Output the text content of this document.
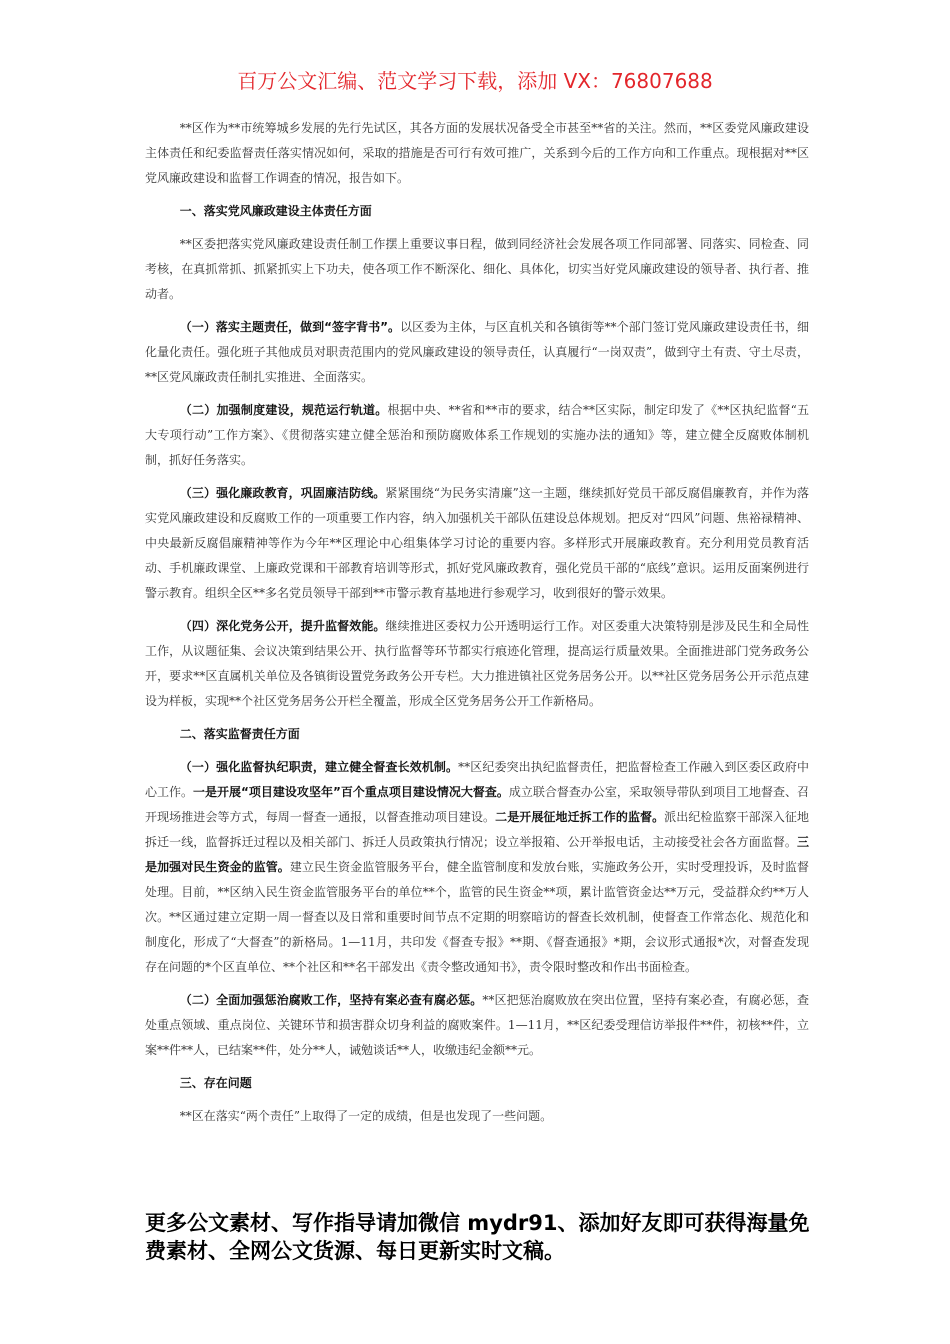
百万公文汇编、范文学习下载，添加 VX：76807688

**区作为**市统筹城乡发展的先行先试区，其各方面的发展状况备受全市甚至**省的关注。然而，**区委党风廉政建设主体责任和纪委监督责任落实情况如何，采取的措施是否可行有效可推广，关系到今后的工作方向和工作重点。现根据对**区党风廉政建设和监督工作调查的情况，报告如下。

一、落实党风廉政建设主体责任方面

**区委把落实党风廉政建设责任制工作摆上重要议事日程，做到同经济社会发展各项工作同部署、同落实、同检查、同考核，在真抓常抓、抓紧抓实上下功夫，使各项工作不断深化、细化、具体化，切实当好党风廉政建设的领导者、执行者、推动者。

（一）落实主题责任，做到“签字背书”。以区委为主体，与区直机关和各镇街等**个部门签订党风廉政建设责任书，细化量化责任。强化班子其他成员对职责范围内的党风廉政建设的领导责任，认真履行“一岗双责”，做到守土有责、守土尽责，**区党风廉政责任制扎实推进、全面落实。

（二）加强制度建设，规范运行轨道。根据中央、**省和**市的要求，结合**区实际，制定印发了《**区执纪监督“五大专项行动”工作方案》、《贯彻落实建立健全惩治和预防腐败体系工作规划的实施办法的通知》等，建立健全反腐败体制机制，抓好任务落实。

（三）强化廉政教育，巩固廉洁防线。紧紧围绕“为民务实清廉”这一主题，继续抓好党员干部反腐倡廉教育，并作为落实党风廉政建设和反腐败工作的一项重要工作内容，纳入加强机关干部队伍建设总体规划。把反对“四风”问题、焦裕禄精神、中央最新反腐倡廉精神等作为今年**区理论中心组集体学习讨论的重要内容。多样形式开展廉政教育。充分利用党员教育活动、手机廉政课堂、上廉政党课和干部教育培训等形式，抓好党风廉政教育，强化党员干部的“底线”意识。运用反面案例进行警示教育。组织全区**多名党员领导干部到**市警示教育基地进行参观学习，收到很好的警示效果。

（四）深化党务公开，提升监督效能。继续推进区委权力公开透明运行工作。对区委重大决策特别是涉及民生和全局性工作，从议题征集、会议决策到结果公开、执行监督等环节都实行痕迹化管理，提高运行质量效果。全面推进部门党务政务公开，要求**区直属机关单位及各镇街设置党务政务公开专栏。大力推进镇社区党务居务公开。以**社区党务居务公开示范点建设为样板，实现**个社区党务居务公开栏全覆盖，形成全区党务居务公开工作新格局。

二、落实监督责任方面

（一）强化监督执纪职责，建立健全督查长效机制。**区纪委突出执纪监督责任，把监督检查工作融入到区委区政府中心工作。一是开展“项目建设攻坚年”百个重点项目建设情况大督查。成立联合督查办公室，采取领导带队到项目工地督查、召开现场推进会等方式，每周一督查一通报，以督查推动项目建设。二是开展征地迁拆工作的监督。派出纪检监察干部深入征地拆迁一线，监督拆迁过程以及相关部门、拆迁人员政策执行情况；设立举报箱、公开举报电话，主动接受社会各方面监督。三是加强对民生资金的监管。建立民生资金监管服务平台，健全监管制度和发放台账，实施政务公开，实时受理投诉，及时监督处理。目前，**区纳入民生资金监管服务平台的单位**个，监管的民生资金**项，累计监管资金达**万元，受益群众约**万人次。**区通过建立定期一周一督查以及日常和重要时间节点不定期的明察暗访的督查长效机制，使督查工作常态化、规范化和制度化，形成了“大督查”的新格局。1—11月，共印发《督查专报》**期、《督查通报》*期，会议形式通报*次，对督查发现存在问题的*个区直单位、**个社区和**名干部发出《责令整改通知书》，责令限时整改和作出书面检查。

（二）全面加强惩治腐败工作，坚持有案必查有腐必惩。**区把惩治腐败放在突出位置，坚持有案必查，有腐必惩，查处重点领域、重点岗位、关键环节和损害群众切身利益的腐败案件。1—11月，**区纪委受理信访举报件**件，初核**件，立案**件**人，已结案**件，处分**人，诫勉谈话**人，收缴违纪金额**元。

三、存在问题

**区在落实“两个责任”上取得了一定的成绩，但是也发现了一些问题。

更多公文素材、写作指导请加微信 mydr91、添加好友即可获得海量免费素材、全网公文货源、每日更新实时文稿。
